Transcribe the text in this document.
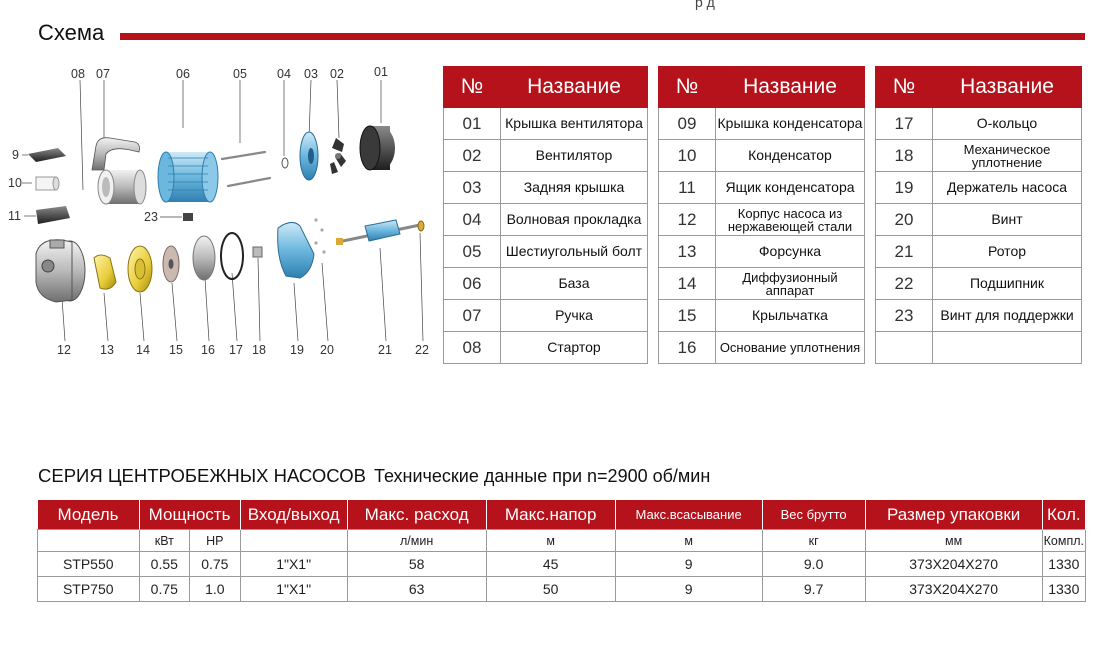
р д
Схема
08 07	06	05 04 03 02 01
9
10
11	23
12 13 14 15 16 17 18 19 20	21 22
№	Название
01	Крышка вентилятора
02	Вентилятор
03	Задняя крышка
04	Волновая прокладка
05	Шестиугольный болт
06	База
07	Ручка
08	Стартор
№	Название
09	Крышка конденсатора
10	Конденсатор
11	Ящик конденсатора
12	Корпус насоса из нержавеющей стали
13	Форсунка
14	Диффузионный аппарат
15	Крыльчатка
16	Основание уплотнения
№	Название
17	О-кольцо
18	Механическое уплотнение
19	Держатель насоса
20	Винт
21	Ротор
22	Подшипник
23	Винт для поддержки

СЕРИЯ ЦЕНТРОБЕЖНЫХ НАСОСОВ Технические данные при n=2900 об/мин
Модель	Мощность		Вход/выход	Макс. расход	Макс.напор	Макс.всасывание	Вес брутто	Размер упаковки	Кол.
	кВт	HP		л/мин	м	м	кг	мм	Компл.
STP550	0.55	0.75	1"X1"	58	45	9	9.0	373X204X270	1330
STP750	0.75	1.0	1"X1"	63	50	9	9.7	373X204X270	1330
